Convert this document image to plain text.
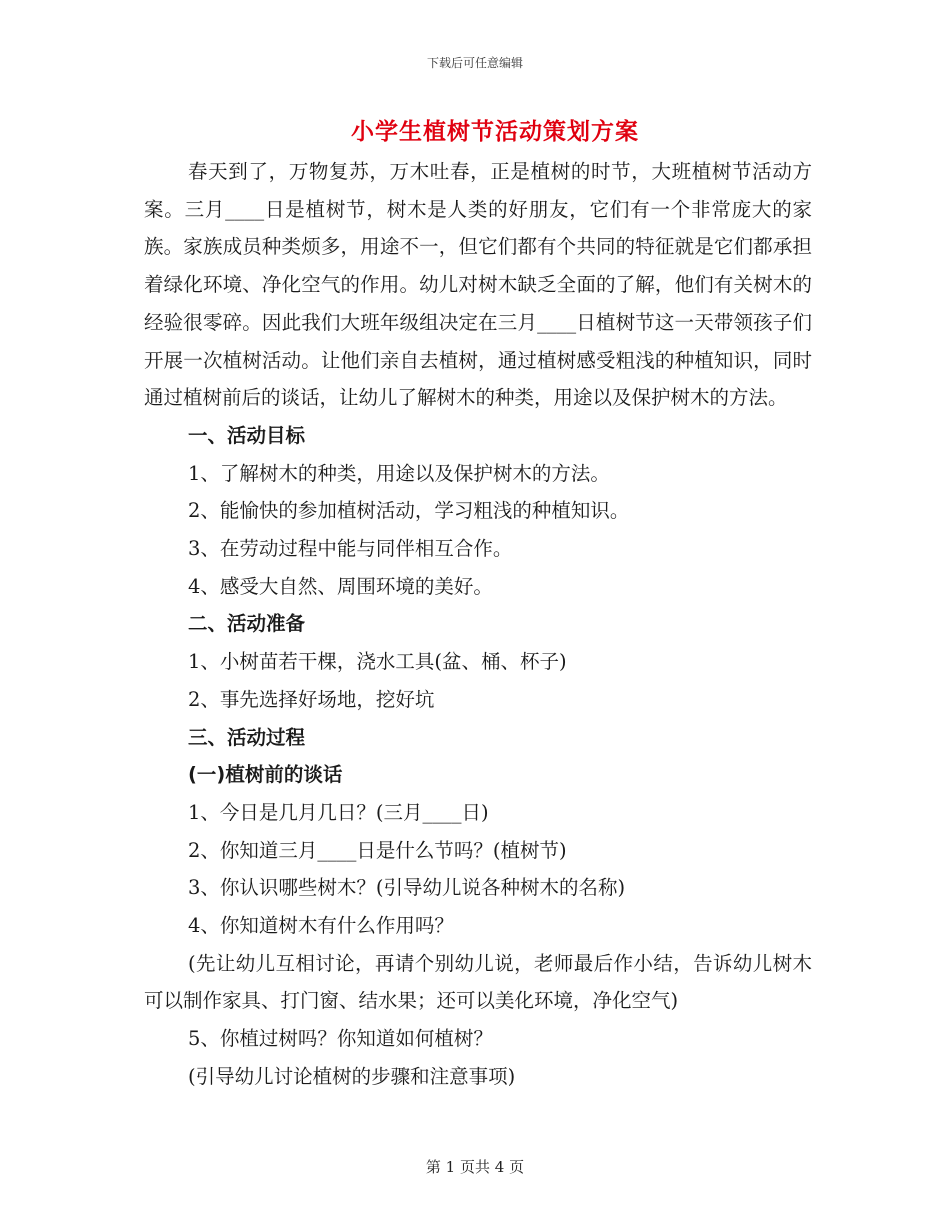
下载后可任意编辑
小学生植树节活动策划方案

春天到了，万物复苏，万木吐春，正是植树的时节，大班植树节活动方案。三月____日是植树节，树木是人类的好朋友，它们有一个非常庞大的家族。家族成员种类烦多，用途不一，但它们都有个共同的特征就是它们都承担着绿化环境、净化空气的作用。幼儿对树木缺乏全面的了解，他们有关树木的经验很零碎。因此我们大班年级组决定在三月____日植树节这一天带领孩子们开展一次植树活动。让他们亲自去植树，通过植树感受粗浅的种植知识，同时通过植树前后的谈话，让幼儿了解树木的种类，用途以及保护树木的方法。

一、活动目标

1、了解树木的种类，用途以及保护树木的方法。

2、能愉快的参加植树活动，学习粗浅的种植知识。

3、在劳动过程中能与同伴相互合作。

4、感受大自然、周围环境的美好。

二、活动准备

1、小树苗若干棵，浇水工具(盆、桶、杯子)

2、事先选择好场地，挖好坑

三、活动过程

(一)植树前的谈话

1、今日是几月几日？(三月____日)

2、你知道三月____日是什么节吗？(植树节)

3、你认识哪些树木？(引导幼儿说各种树木的名称)

4、你知道树木有什么作用吗？

(先让幼儿互相讨论，再请个别幼儿说，老师最后作小结，告诉幼儿树木可以制作家具、打门窗、结水果；还可以美化环境，净化空气)

5、你植过树吗？你知道如何植树？

(引导幼儿讨论植树的步骤和注意事项)

第 1 页共 4 页
